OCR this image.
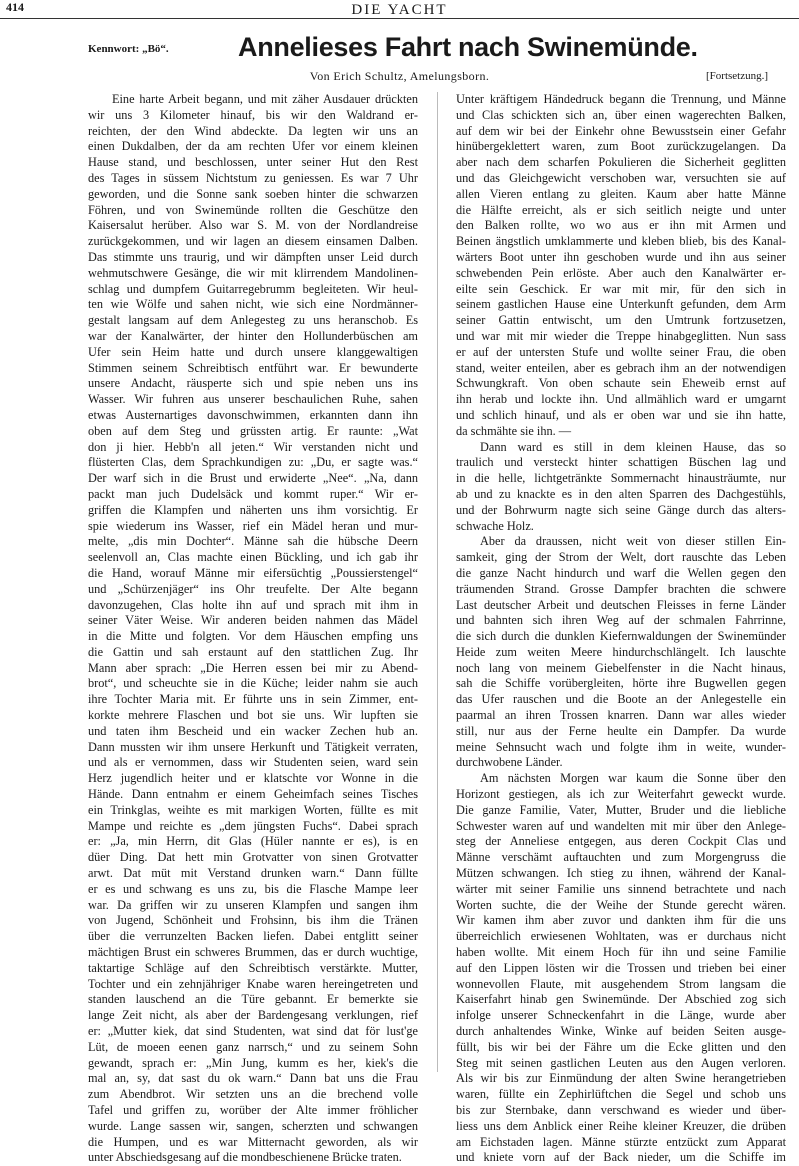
414	DIE YACHT
Kennwort: „Bö“.	Annelieses Fahrt nach Swinemünde.
Von Erich Schultz, Amelungsborn.	[Fortsetzung.]
Eine harte Arbeit begann, und mit zäher Ausdauer drückten
wir uns 3 Kilometer hinauf, bis wir den Waldrand er-
reichten, der den Wind abdeckte. Da legten wir uns an
einen Dukdalben, der da am rechten Ufer vor einem kleinen
Hause stand, und beschlossen, unter seiner Hut den Rest
des Tages in süssem Nichtstum zu geniessen. Es war 7 Uhr
geworden, und die Sonne sank soeben hinter die schwarzen
Föhren, und von Swinemünde rollten die Geschütze den
Kaisersalut herüber. Also war S. M. von der Nordlandreise
zurückgekommen, und wir lagen an diesem einsamen Dalben.
Das stimmte uns traurig, und wir dämpften unser Leid durch
wehmutschwere Gesänge, die wir mit klirrendem Mandolinen-
schlag und dumpfem Guitarregebrumm begleiteten. Wir heul-
ten wie Wölfe und sahen nicht, wie sich eine Nordmänner-
gestalt langsam auf dem Anlegesteg zu uns heranschob. Es
war der Kanalwärter, der hinter den Hollunderbüschen am
Ufer sein Heim hatte und durch unsere klanggewaltigen
Stimmen seinem Schreibtisch entführt war. Er bewunderte
unsere Andacht, räusperte sich und spie neben uns ins
Wasser. Wir fuhren aus unserer beschaulichen Ruhe, sahen
etwas Austernartiges davonschwimmen, erkannten dann ihn
oben auf dem Steg und grüssten artig. Er raunte: „Wat
don ji hier. Hebb'n all jeten.“ Wir verstanden nicht und
flüsterten Clas, dem Sprachkundigen zu: „Du, er sagte was.“
Der warf sich in die Brust und erwiderte „Nee“. „Na, dann
packt man juch Dudelsäck und kommt ruper.“ Wir er-
griffen die Klampfen und näherten uns ihm vorsichtig. Er
spie wiederum ins Wasser, rief ein Mädel heran und mur-
melte, „dis min Dochter“. Männe sah die hübsche Deern
seelenvoll an, Clas machte einen Bückling, und ich gab ihr
die Hand, worauf Männe mir eifersüchtig „Poussierstengel“
und „Schürzenjäger“ ins Ohr treufelte. Der Alte begann
davonzugehen, Clas holte ihn auf und sprach mit ihm in
seiner Väter Weise. Wir anderen beiden nahmen das Mädel
in die Mitte und folgten. Vor dem Häuschen empfing uns
die Gattin und sah erstaunt auf den stattlichen Zug. Ihr
Mann aber sprach: „Die Herren essen bei mir zu Abend-
brot“, und scheuchte sie in die Küche; leider nahm sie auch
ihre Tochter Maria mit. Er führte uns in sein Zimmer, ent-
korkte mehrere Flaschen und bot sie uns. Wir lupften sie
und taten ihm Bescheid und ein wacker Zechen hub an.
Dann mussten wir ihm unsere Herkunft und Tätigkeit verraten,
und als er vernommen, dass wir Studenten seien, ward sein
Herz jugendlich heiter und er klatschte vor Wonne in die
Hände. Dann entnahm er einem Geheimfach seines Tisches
ein Trinkglas, weihte es mit markigen Worten, füllte es mit
Mampe und reichte es „dem jüngsten Fuchs“. Dabei sprach
er: „Ja, min Herrn, dit Glas (Hüler nannte er es), is en
düer Ding. Dat hett min Grotvatter von sinen Grotvatter
arwt. Dat müt mit Verstand drunken warn.“ Dann füllte
er es und schwang es uns zu, bis die Flasche Mampe leer
war. Da griffen wir zu unseren Klampfen und sangen ihm
von Jugend, Schönheit und Frohsinn, bis ihm die Tränen
über die verrunzelten Backen liefen. Dabei entglitt seiner
mächtigen Brust ein schweres Brummen, das er durch wuchtige,
taktartige Schläge auf den Schreibtisch verstärkte. Mutter,
Tochter und ein zehnjähriger Knabe waren hereingetreten und
standen lauschend an die Türe gebannt. Er bemerkte sie
lange Zeit nicht, als aber der Bardengesang verklungen, rief
er: „Mutter kiek, dat sind Studenten, wat sind dat för lust'ge
Lüt, de moeen eenen ganz narrsch,“ und zu seinem Sohn
gewandt, sprach er: „Min Jung, kumm es her, kiek's die
mal an, sy, dat sast du ok warn.“ Dann bat uns die Frau
zum Abendbrot. Wir setzten uns an die brechend volle
Tafel und griffen zu, worüber der Alte immer fröhlicher
wurde. Lange sassen wir, sangen, scherzten und schwangen
die Humpen, und es war Mitternacht geworden, als wir
unter Abschiedsgesang auf die mondbeschienene Brücke traten.
Unter kräftigem Händedruck begann die Trennung, und Männe
und Clas schickten sich an, über einen wagerechten Balken,
auf dem wir bei der Einkehr ohne Bewusstsein einer Gefahr
hinübergeklettert waren, zum Boot zurückzugelangen. Da
aber nach dem scharfen Pokulieren die Sicherheit geglitten
und das Gleichgewicht verschoben war, versuchten sie auf
allen Vieren entlang zu gleiten. Kaum aber hatte Männe
die Hälfte erreicht, als er sich seitlich neigte und unter
den Balken rollte, wo wo aus er ihn mit Armen und
Beinen ängstlich umklammerte und kleben blieb, bis des Kanal-
wärters Boot unter ihn geschoben wurde und ihn aus seiner
schwebenden Pein erlöste. Aber auch den Kanalwärter er-
eilte sein Geschick. Er war mit mir, für den sich in
seinem gastlichen Hause eine Unterkunft gefunden, dem Arm
seiner Gattin entwischt, um den Umtrunk fortzusetzen,
und war mit mir wieder die Treppe hinabgeglitten. Nun sass
er auf der untersten Stufe und wollte seiner Frau, die oben
stand, weiter enteilen, aber es gebrach ihm an der notwendigen
Schwungkraft. Von oben schaute sein Eheweib ernst auf
ihn herab und lockte ihn. Und allmählich ward er umgarnt
und schlich hinauf, und als er oben war und sie ihn hatte,
da schmähte sie ihn. —
Dann ward es still in dem kleinen Hause, das so
traulich und versteckt hinter schattigen Büschen lag und
in die helle, lichtgetränkte Sommernacht hinausträumte, nur
ab und zu knackte es in den alten Sparren des Dachgestühls,
und der Bohrwurm nagte sich seine Gänge durch das alters-
schwache Holz.
Aber da draussen, nicht weit von dieser stillen Ein-
samkeit, ging der Strom der Welt, dort rauschte das Leben
die ganze Nacht hindurch und warf die Wellen gegen den
träumenden Strand. Grosse Dampfer brachten die schwere
Last deutscher Arbeit und deutschen Fleisses in ferne Länder
und bahnten sich ihren Weg auf der schmalen Fahrrinne,
die sich durch die dunklen Kiefernwaldungen der Swinemünder
Heide zum weiten Meere hindurchschlängelt. Ich lauschte
noch lang von meinem Giebelfenster in die Nacht hinaus,
sah die Schiffe vorübergleiten, hörte ihre Bugwellen gegen
das Ufer rauschen und die Boote an der Anlegestelle ein
paarmal an ihren Trossen knarren. Dann war alles wieder
still, nur aus der Ferne heulte ein Dampfer. Da wurde
meine Sehnsucht wach und folgte ihm in weite, wunder-
durchwobene Länder.
Am nächsten Morgen war kaum die Sonne über den
Horizont gestiegen, als ich zur Weiterfahrt geweckt wurde.
Die ganze Familie, Vater, Mutter, Bruder und die liebliche
Schwester waren auf und wandelten mit mir über den Anlege-
steg der Anneliese entgegen, aus deren Cockpit Clas und
Männe verschämt auftauchten und zum Morgengruss die
Mützen schwangen. Ich stieg zu ihnen, während der Kanal-
wärter mit seiner Familie uns sinnend betrachtete und nach
Worten suchte, die der Weihe der Stunde gerecht wären.
Wir kamen ihm aber zuvor und dankten ihm für die uns
überreichlich erwiesenen Wohltaten, was er durchaus nicht
haben wollte. Mit einem Hoch für ihn und seine Familie
auf den Lippen lösten wir die Trossen und trieben bei einer
wonnevollen Flaute, mit ausgehendem Strom langsam die
Kaiserfahrt hinab gen Swinemünde. Der Abschied zog sich
infolge unserer Schneckenfahrt in die Länge, wurde aber
durch anhaltendes Winke, Winke auf beiden Seiten ausge-
füllt, bis wir bei der Fähre um die Ecke glitten und den
Steg mit seinen gastlichen Leuten aus den Augen verloren.
Als wir bis zur Einmündung der alten Swine herangetrieben
waren, füllte ein Zephirlüftchen die Segel und schob uns
bis zur Sternbake, dann verschwand es wieder und über-
liess uns dem Anblick einer Reihe kleiner Kreuzer, die drüben
am Eichstaden lagen. Männe stürzte entzückt zum Apparat
und kniete vorn auf der Back nieder, um die Schiffe im
